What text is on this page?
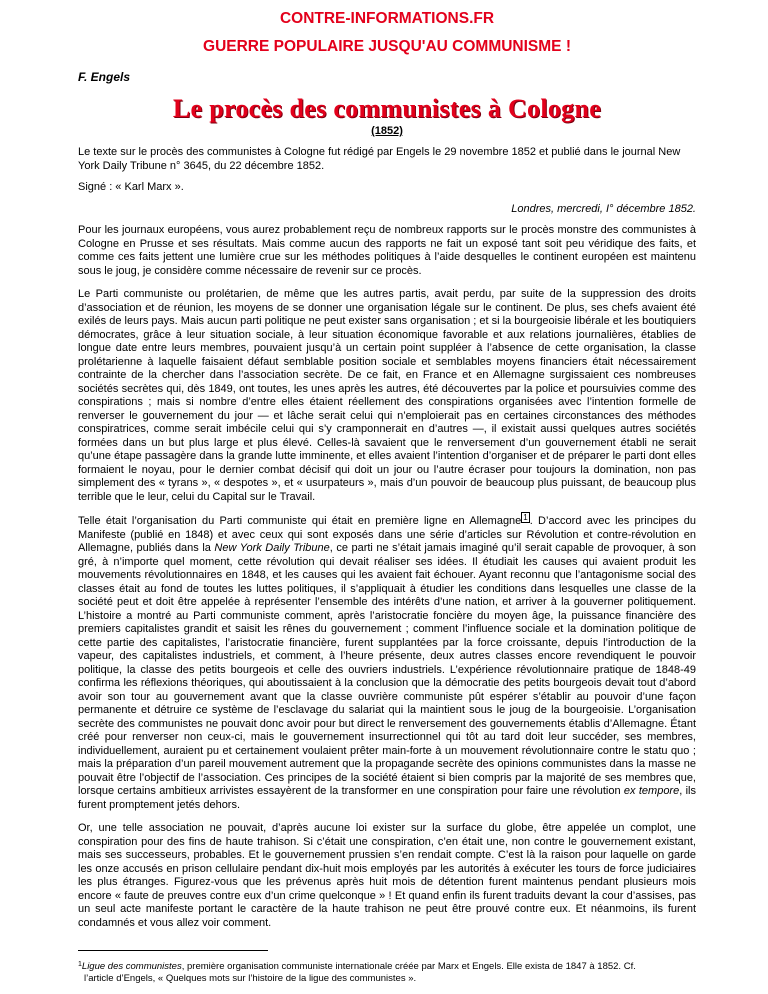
CONTRE-INFORMATIONS.FR
GUERRE POPULAIRE JUSQU'AU COMMUNISME !
F. Engels
Le procès des communistes à Cologne
(1852)

Le texte sur le procès des communistes à Cologne fut rédigé par Engels le 29 novembre 1852 et publié dans le journal New York Daily Tribune n° 3645, du 22 décembre 1852.

Signé : « Karl Marx ».

Londres, mercredi, I° décembre 1852.

Pour les journaux européens, vous aurez probablement reçu de nombreux rapports sur le procès monstre des communistes à Cologne en Prusse et ses résultats. Mais comme aucun des rapports ne fait un exposé tant soit peu véridique des faits, et comme ces faits jettent une lumière crue sur les méthodes politiques à l’aide desquelles le continent européen est maintenu sous le joug, je considère comme nécessaire de revenir sur ce procès.

Le Parti communiste ou prolétarien, de même que les autres partis, avait perdu, par suite de la suppression des droits d’association et de réunion, les moyens de se donner une organisation légale sur le continent. De plus, ses chefs avaient été exilés de leurs pays. Mais aucun parti politique ne peut exister sans organisation ; et si la bourgeoisie libérale et les boutiquiers démocrates, grâce à leur situation sociale, à leur situation économique favorable et aux relations journalières, établies de longue date entre leurs membres, pouvaient jusqu’à un certain point suppléer à l’absence de cette organisation, la classe prolétarienne à laquelle faisaient défaut semblable position sociale et semblables moyens financiers était nécessairement contrainte de la chercher dans l’association secrète. De ce fait, en France et en Allemagne surgissaient ces nombreuses sociétés secrètes qui, dès 1849, ont toutes, les unes après les autres, été découvertes par la police et poursuivies comme des conspirations ; mais si nombre d’entre elles étaient réellement des conspirations organisées avec l’intention formelle de renverser le gouvernement du jour — et lâche serait celui qui n’emploierait pas en certaines circonstances des méthodes conspiratrices, comme serait imbécile celui qui s’y cramponnerait en d’autres —, il existait aussi quelques autres sociétés formées dans un but plus large et plus élevé. Celles-là savaient que le renversement d’un gouvernement établi ne serait qu’une étape passagère dans la grande lutte imminente, et elles avaient l’intention d’organiser et de préparer le parti dont elles formaient le noyau, pour le dernier combat décisif qui doit un jour ou l’autre écraser pour toujours la domination, non pas simplement des « tyrans », « despotes », et « usurpateurs », mais d’un pouvoir de beaucoup plus puissant, de beaucoup plus terrible que le leur, celui du Capital sur le Travail.

Telle était l’organisation du Parti communiste qui était en première ligne en Allemagne $^1$ . D’accord avec les principes du Manifeste (publié en 1848) et avec ceux qui sont exposés dans une série d’articles sur Révolution et contre-révolution en Allemagne, publiés dans la New York Daily Tribune, ce parti ne s’était jamais imaginé qu’il serait capable de provoquer, à son gré, à n’importe quel moment, cette révolution qui devait réaliser ses idées. Il étudiait les causes qui avaient produit les mouvements révolutionnaires en 1848, et les causes qui les avaient fait échouer. Ayant reconnu que l’antagonisme social des classes était au fond de toutes les luttes politiques, il s’appliquait à étudier les conditions dans lesquelles une classe de la société peut et doit être appelée à représenter l’ensemble des intérêts d’une nation, et arriver à la gouverner politiquement. L’histoire a montré au Parti communiste comment, après l’aristocratie foncière du moyen âge, la puissance financière des premiers capitalistes grandit et saisit les rênes du gouvernement ; comment l’influence sociale et la domination politique de cette partie des capitalistes, l’aristocratie financière, furent supplantées par la force croissante, depuis l’introduction de la vapeur, des capitalistes industriels, et comment, à l’heure présente, deux autres classes encore revendiquent le pouvoir politique, la classe des petits bourgeois et celle des ouvriers industriels. L’expérience révolutionnaire pratique de 1848-49 confirma les réflexions théoriques, qui aboutissaient à la conclusion que la démocratie des petits bourgeois devait tout d’abord avoir son tour au gouvernement avant que la classe ouvrière communiste pût espérer s’établir au pouvoir d’une façon permanente et détruire ce système de l’esclavage du salariat qui la maintient sous le joug de la bourgeoisie. L’organisation secrète des communistes ne pouvait donc avoir pour but direct le renversement des gouvernements établis d’Allemagne. Étant créé pour renverser non ceux-ci, mais le gouvernement insurrectionnel qui tôt au tard doit leur succéder, ses membres, individuellement, auraient pu et certainement voulaient prêter main-forte à un mouvement révolutionnaire contre le statu quo ; mais la préparation d’un pareil mouvement autrement que la propagande secrète des opinions communistes dans la masse ne pouvait être l’objectif de l’association. Ces principes de la société étaient si bien compris par la majorité de ses membres que, lorsque certains ambitieux arrivistes essayèrent de la transformer en une conspiration pour faire une révolution ex tempore, ils furent promptement jetés dehors.

Or, une telle association ne pouvait, d’après aucune loi exister sur la surface du globe, être appelée un complot, une conspiration pour des fins de haute trahison. Si c’était une conspiration, c’en était une, non contre le gouvernement existant, mais ses successeurs, probables. Et le gouvernement prussien s’en rendait compte. C’est là la raison pour laquelle on garde les onze accusés en prison cellulaire pendant dix-huit mois employés par les autorités à exécuter les tours de force judiciaires les plus étranges. Figurez-vous que les prévenus après huit mois de détention furent maintenus pendant plusieurs mois encore « faute de preuves contre eux d’un crime quelconque » ! Et quand enfin ils furent traduits devant la cour d’assises, pas un seul acte manifeste portant le caractère de la haute trahison ne peut être prouvé contre eux. Et néanmoins, ils furent condamnés et vous allez voir comment.

$^1$Ligue des communistes, première organisation communiste internationale créée par Marx et Engels. Elle exista de 1847 à 1852. Cf.
l’article d’Engels, « Quelques mots sur l’histoire de la ligue des communistes ».
